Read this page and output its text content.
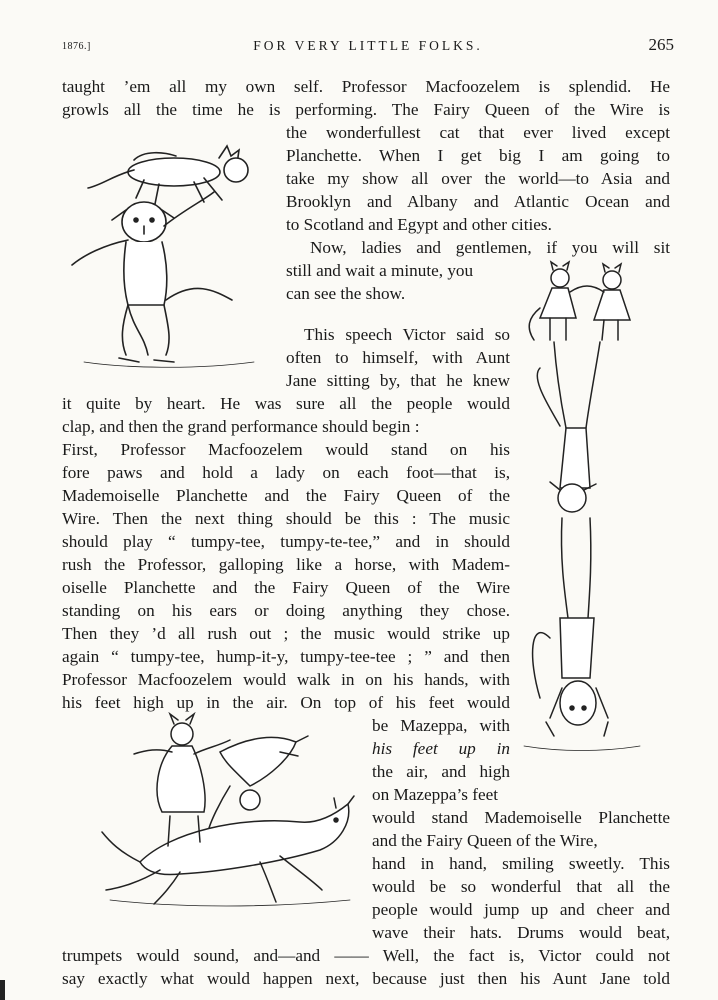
1876.]	FOR VERY LITTLE FOLKS.	265
taught ’em all my own self. Professor Macfoozelem is splendid. He
growls all the time he is performing. The Fairy Queen of the Wire is
the wonderfullest cat that ever lived except
Planchette. When I get big I am going to
take my show all over the world—to Asia and
Brooklyn and Albany and Atlantic Ocean and
to Scotland and Egypt and other cities.
Now, ladies and gentlemen, if you will sit
still and wait a minute, you
can see the show.
This speech Victor said so
often to himself, with Aunt
Jane sitting by, that he knew
it quite by heart. He was sure all the people would
clap, and then the grand performance should begin :
First, Professor Macfoozelem would stand on his
fore paws and hold a lady on each foot—that is,
Mademoiselle Planchette and the Fairy Queen of the
Wire. Then the next thing should be this : The music
should play “ tumpy-tee, tumpy-te-tee,” and in should
rush the Professor, galloping like a horse, with Madem-
oiselle Planchette and the Fairy Queen of the Wire
standing on his ears or doing anything they chose.
Then they ’d all rush out ; the music would strike up
again “ tumpy-tee, hump-it-y, tumpy-tee-tee ; ” and then
Professor Macfoozelem would walk in on his hands, with
his feet high up in the air. On top of his feet would
be Mazeppa, with
his feet up in
the air, and high
on Mazeppa’s feet
would stand Mademoiselle Planchette
and the Fairy Queen of the Wire,
hand in hand, smiling sweetly. This
would be so wonderful that all the
people would jump up and cheer and
wave their hats. Drums would beat,
trumpets would sound, and—and —— Well, the fact is, Victor could not
say exactly what would happen next, because just then his Aunt Jane told
